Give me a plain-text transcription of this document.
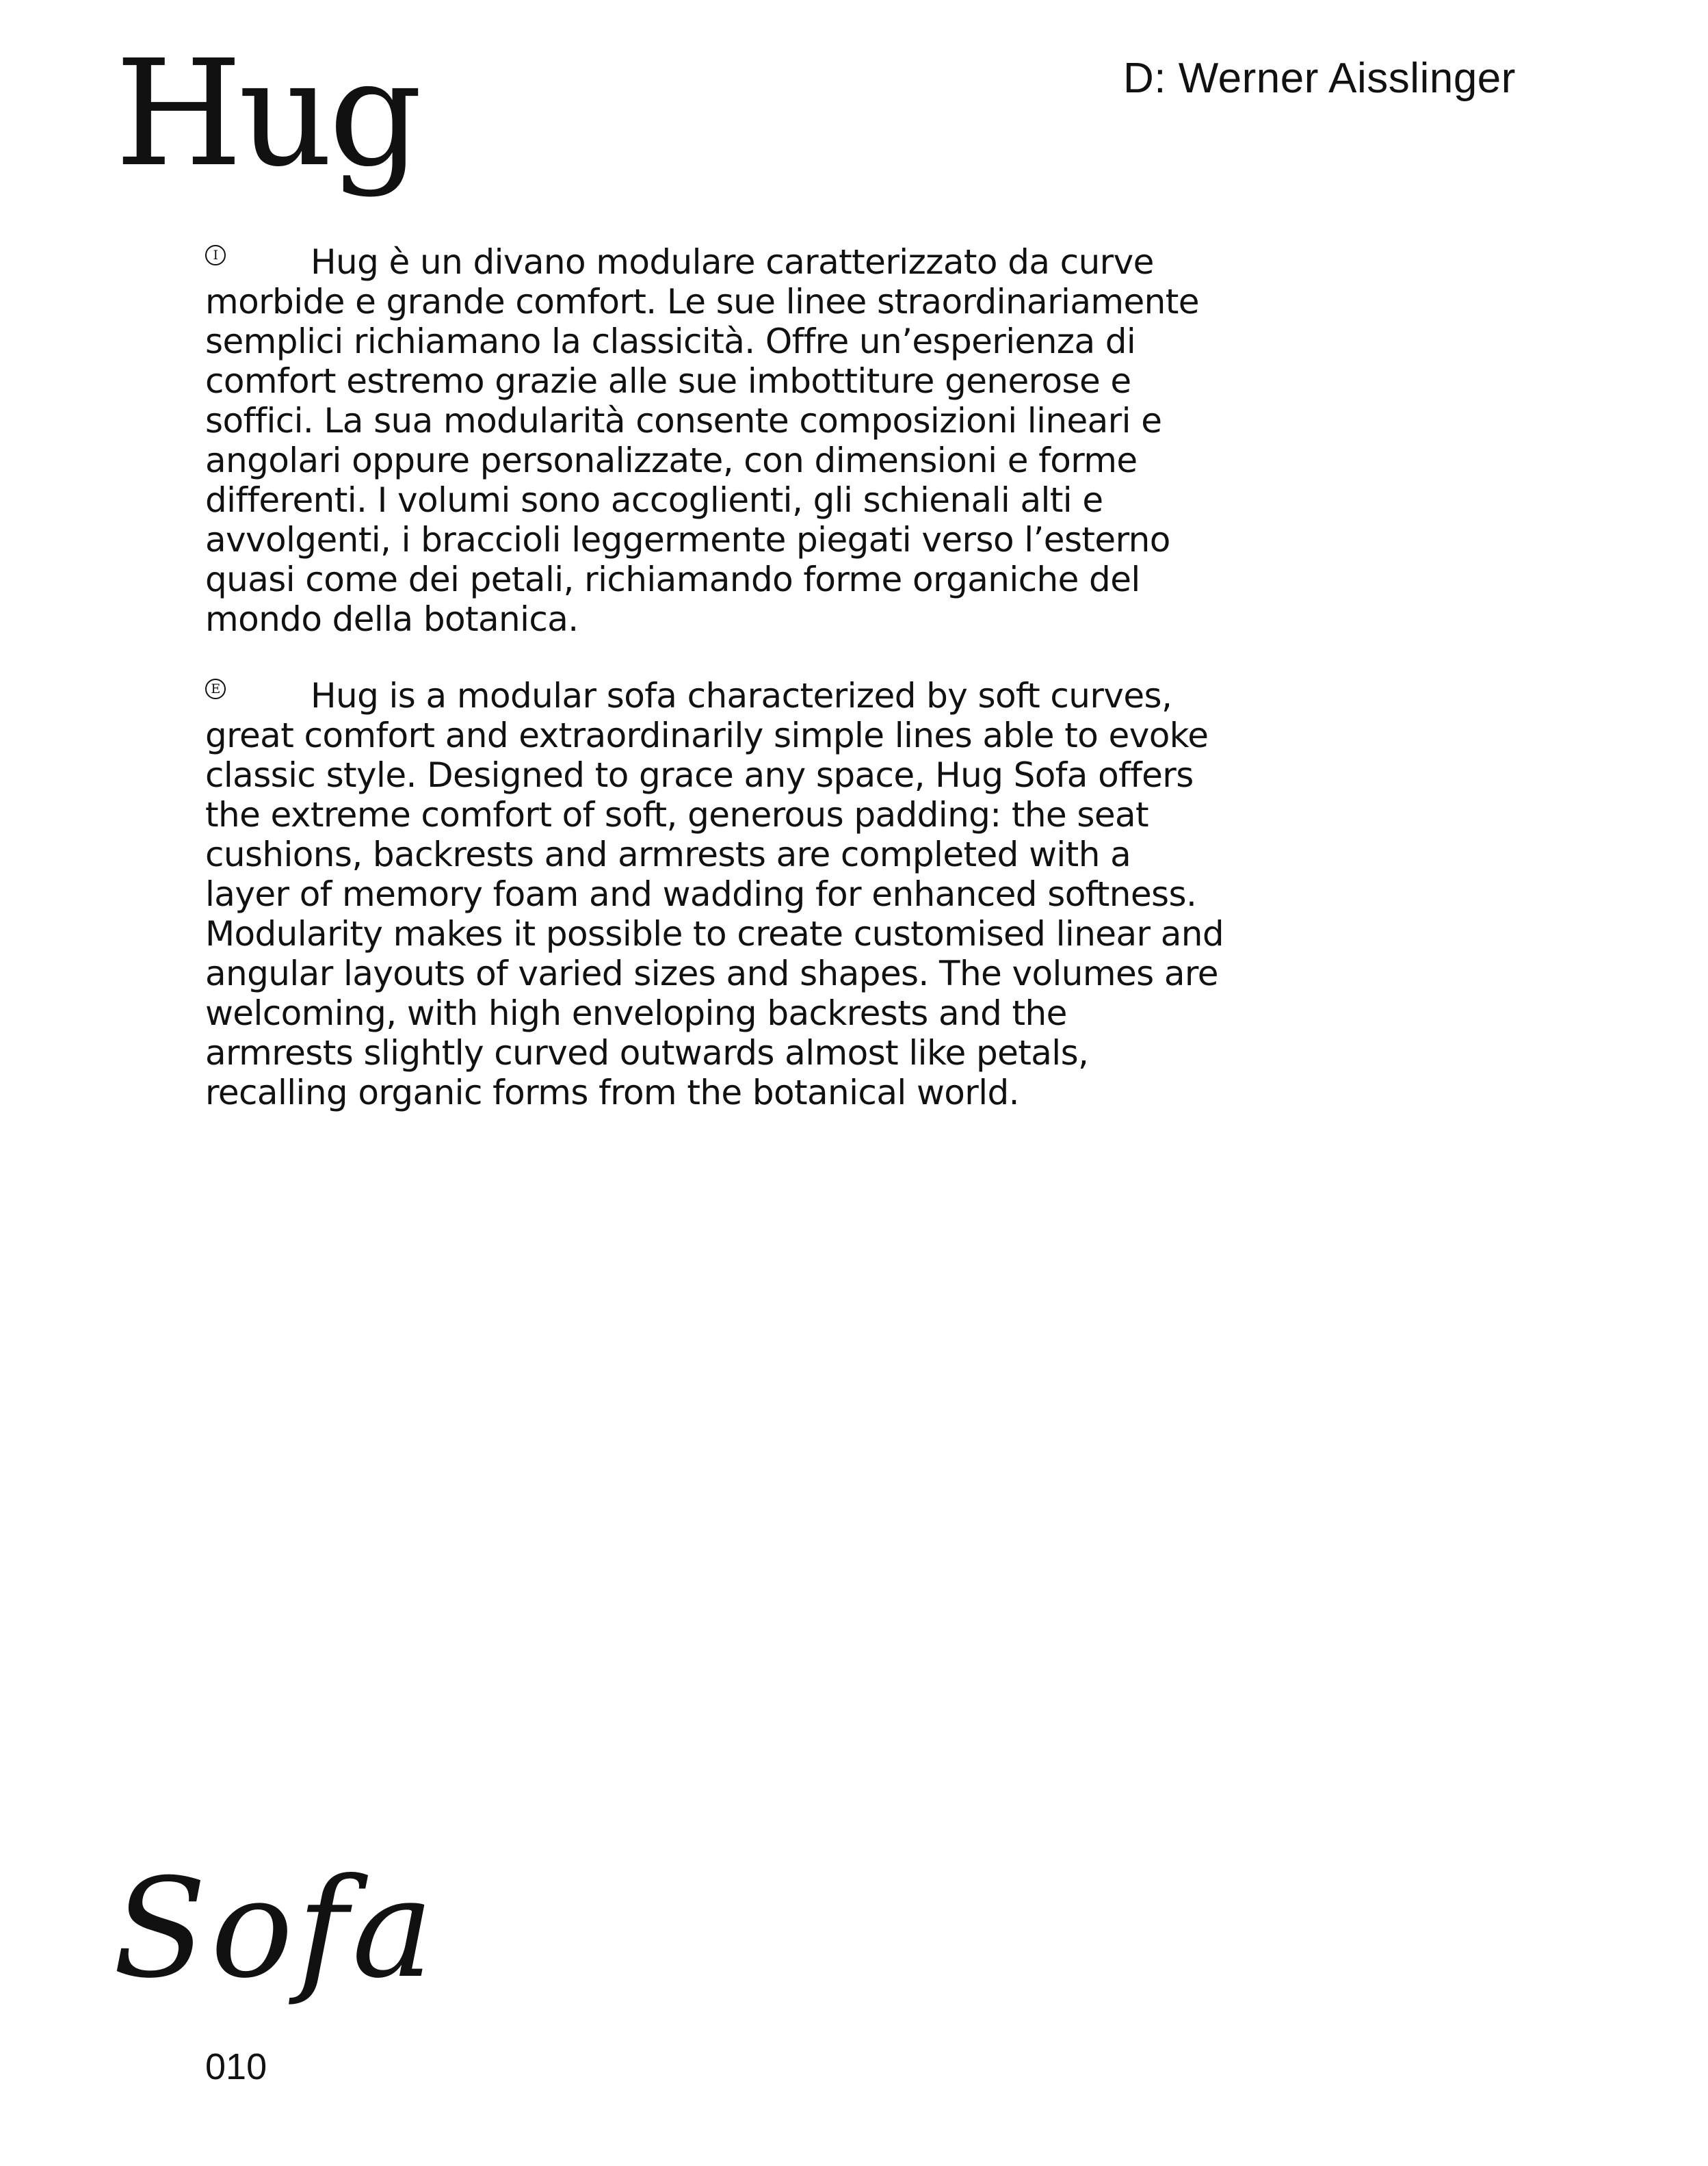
Hug	D: Werner Aisslinger
I	Hug è un divano modulare caratterizzato da curve morbide e grande comfort. Le sue linee straordinariamente semplici richiamano la classicità. Offre un’esperienza di comfort estremo grazie alle sue imbottiture generose e soffici. La sua modularità consente composizioni lineari e angolari oppure personalizzate, con dimensioni e forme differenti. I volumi sono accoglienti, gli schienali alti e avvolgenti, i braccioli leggermente piegati verso l’esterno quasi come dei petali, richiamando forme organiche del mondo della botanica.

E	Hug is a modular sofa characterized by soft curves, great comfort and extraordinarily simple lines able to evoke classic style. Designed to grace any space, Hug Sofa offers the extreme comfort of soft, generous padding: the seat cushions, backrests and armrests are completed with a layer of memory foam and wadding for enhanced softness. Modularity makes it possible to create customised linear and angular layouts of varied sizes and shapes. The volumes are welcoming, with high enveloping backrests and the armrests slightly curved outwards almost like petals, recalling organic forms from the botanical world.

Sofa
010
